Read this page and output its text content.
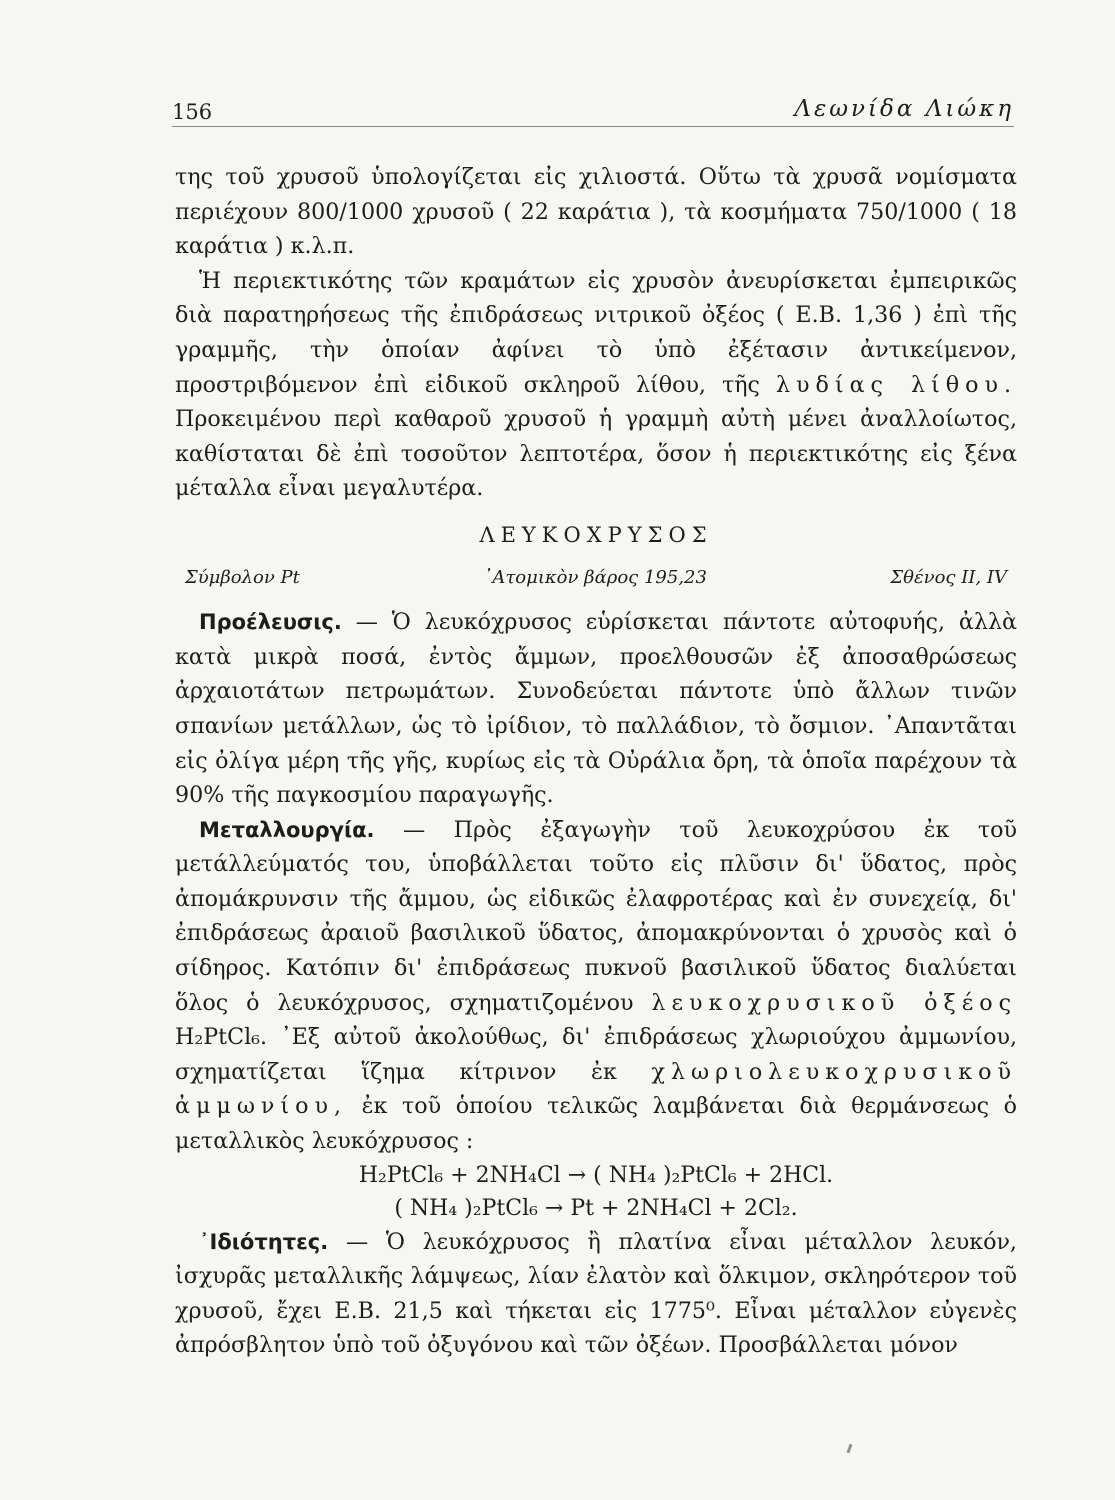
156	Λεωνίδα Λιώκη

της τοῦ χρυσοῦ ὑπολογίζεται εἰς χιλιοστά. Οὕτω τὰ χρυσᾶ νομίσματα περιέχουν 800/1000 χρυσοῦ ( 22 καράτια ), τὰ κοσμήματα 750/1000 ( 18 καράτια ) κ.λ.π.

Ἡ περιεκτικότης τῶν κραμάτων εἰς χρυσὸν ἀνευρίσκεται ἐμπειρικῶς διὰ παρατηρήσεως τῆς ἐπιδράσεως νιτρικοῦ ὀξέος ( Ε.Β. 1,36 ) ἐπὶ τῆς γραμμῆς, τὴν ὁποίαν ἀφίνει τὸ ὑπὸ ἐξέτασιν ἀντικείμενον, προστριβόμενον ἐπὶ εἰδικοῦ σκληροῦ λίθου, τῆς λυδίας λίθου. Προκειμένου περὶ καθαροῦ χρυσοῦ ἡ γραμμὴ αὐτὴ μένει ἀναλλοίωτος, καθίσταται δὲ ἐπὶ τοσοῦτον λεπτοτέρα, ὅσον ἡ περιεκτικότης εἰς ξένα μέταλλα εἶναι μεγαλυτέρα.

ΛΕΥΚΟΧΡΥΣΟΣ
Σύμβολον Pt	᾿Ατομικὸν βάρος 195,23	Σθένος II, IV

Προέλευσις. — Ὁ λευκόχρυσος εὑρίσκεται πάντοτε αὐτοφυής, ἀλλὰ κατὰ μικρὰ ποσά, ἐντὸς ἄμμων, προελθουσῶν ἐξ ἀποσαθρώσεως ἀρχαιοτάτων πετρωμάτων. Συνοδεύεται πάντοτε ὑπὸ ἄλλων τινῶν σπανίων μετάλλων, ὡς τὸ ἰρίδιον, τὸ παλλάδιον, τὸ ὄσμιον. ᾿Απαντᾶται εἰς ὀλίγα μέρη τῆς γῆς, κυρίως εἰς τὰ Οὐράλια ὄρη, τὰ ὁποῖα παρέχουν τὰ 90% τῆς παγκοσμίου παραγωγῆς.

Μεταλλουργία. — Πρὸς ἐξαγωγὴν τοῦ λευκοχρύσου ἐκ τοῦ μετάλλεύματός του, ὑποβάλλεται τοῦτο εἰς πλῦσιν δι' ὕδατος, πρὸς ἀπομάκρυνσιν τῆς ἄμμου, ὡς εἰδικῶς ἐλαφροτέρας καὶ ἐν συνεχείᾳ, δι' ἐπιδράσεως ἀραιοῦ βασιλικοῦ ὕδατος, ἀπομακρύνονται ὁ χρυσὸς καὶ ὁ σίδηρος. Κατόπιν δι' ἐπιδράσεως πυκνοῦ βασιλικοῦ ὕδατος διαλύεται ὅλος ὁ λευκόχρυσος, σχηματιζομένου λευκοχρυσικοῦ ὀξέος H₂PtCl₆. ᾿Εξ αὐτοῦ ἀκολούθως, δι' ἐπιδράσεως χλωριούχου ἀμμωνίου, σχηματίζεται ἵζημα κίτρινον ἐκ χλωριολευκοχρυσικοῦ ἀμμωνίου, ἐκ τοῦ ὁποίου τελικῶς λαμβάνεται διὰ θερμάνσεως ὁ μεταλλικὸς λευκόχρυσος :

H₂PtCl₆ + 2NH₄Cl → ( NH₄ )₂PtCl₆ + 2HCl.
( NH₄ )₂PtCl₆ → Pt + 2NH₄Cl + 2Cl₂.

᾿Ιδιότητες. — Ὁ λευκόχρυσος ἢ πλατίνα εἶναι μέταλλον λευκόν, ἰσχυρᾶς μεταλλικῆς λάμψεως, λίαν ἐλατὸν καὶ ὅλκιμον, σκληρότερον τοῦ χρυσοῦ, ἔχει Ε.Β. 21,5 καὶ τήκεται εἰς 1775⁰. Εἶναι μέταλλον εὐγενὲς ἀπρόσβλητον ὑπὸ τοῦ ὀξυγόνου καὶ τῶν ὀξέων. Προσβάλλεται μόνον
